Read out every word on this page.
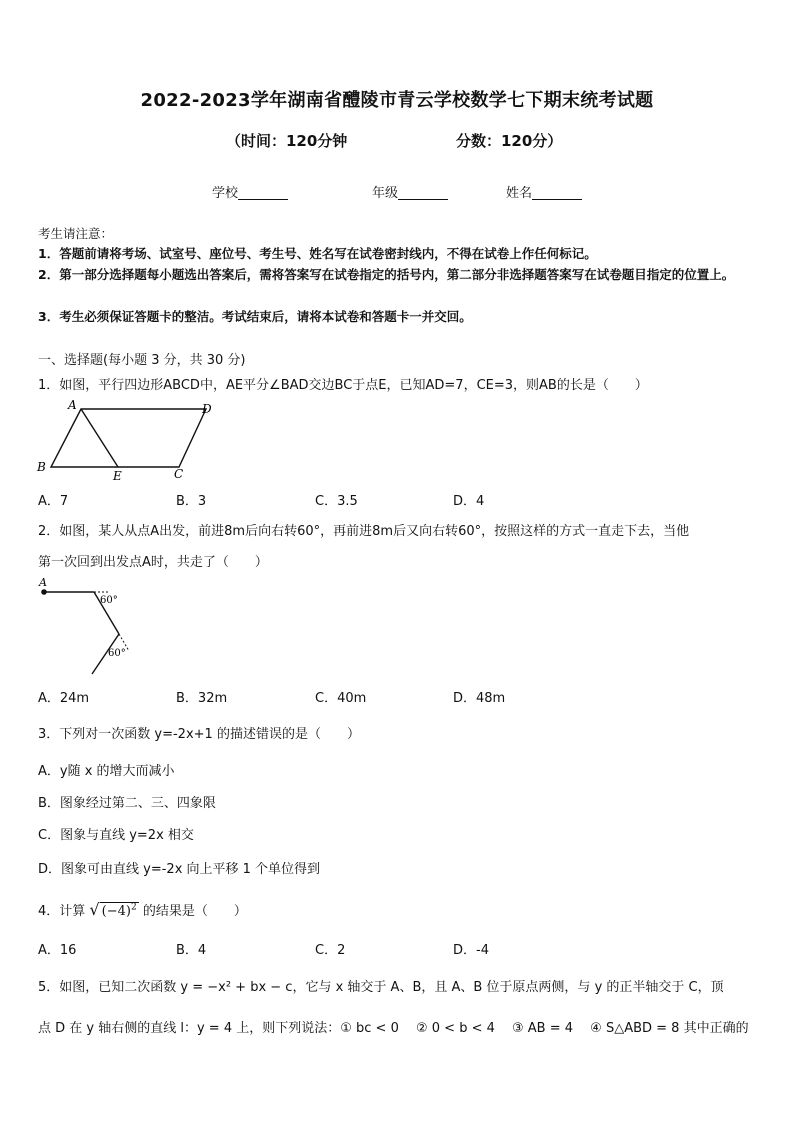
2022-2023学年湖南省醴陵市青云学校数学七下期末统考试题
（时间：120分钟	分数：120分）
学校	年级	姓名
考生请注意：
1．答题前请将考场、试室号、座位号、考生号、姓名写在试卷密封线内，不得在试卷上作任何标记。
2．第一部分选择题每小题选出答案后，需将答案写在试卷指定的括号内，第二部分非选择题答案写在试卷题目指定的位置上。
3．考生必须保证答题卡的整洁。考试结束后，请将本试卷和答题卡一并交回。
一、选择题(每小题 3 分，共 30 分)
1．如图，平行四边形ABCD中，AE平分∠BAD交边BC于点E，已知AD=7，CE=3，则AB的长是（　　）
A	D
B	C
E
A．7	B．3	C．3.5	D．4
2．如图，某人从点A出发，前进8m后向右转60°，再前进8m后又向右转60°，按照这样的方式一直走下去，当他
第一次回到出发点A时，共走了（　　）
A
60°
60°
A．24m	B．32m	C．40m	D．48m
3．下列对一次函数 y=-2x+1 的描述错误的是（　　）
A．y随 x 的增大而减小
B．图象经过第二、三、四象限
C．图象与直线 y=2x 相交
D．图象可由直线 y=-2x 向上平移 1 个单位得到
4．计算 √ $(-4)^2$ 的结果是（　　）
A．16	B．4	C．2	D．-4
5．如图，已知二次函数 y = −x² + bx − c，它与 x 轴交于 A、B，且 A、B 位于原点两侧，与 y 的正半轴交于 C，顶
点 D 在 y 轴右侧的直线 l：y = 4 上，则下列说法：① bc < 0　 ② 0 < b < 4　 ③ AB = 4　 ④ S△ABD = 8 其中正确的
